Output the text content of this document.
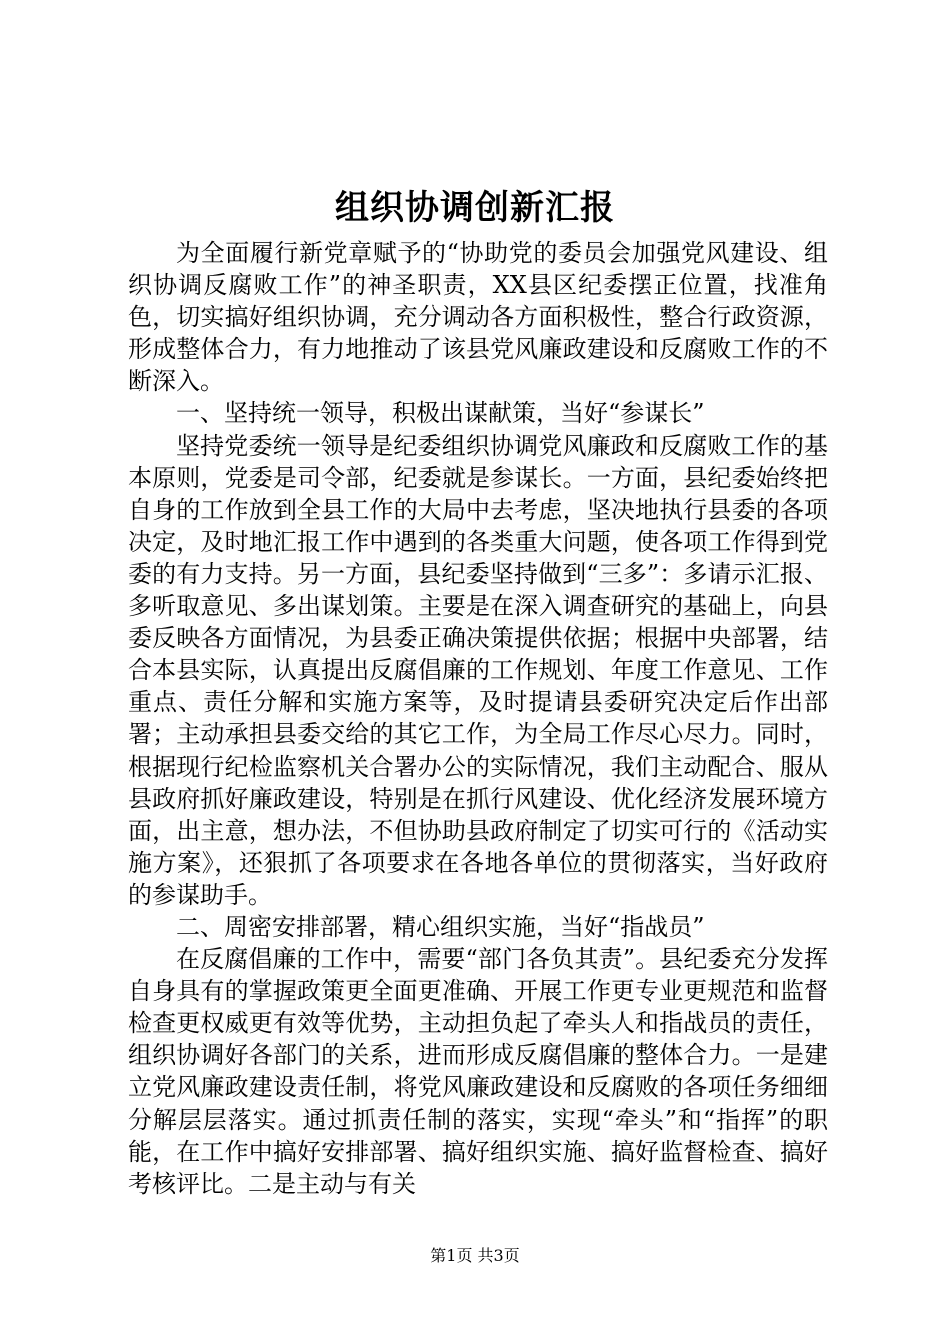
组织协调创新汇报

为全面履行新党章赋予的“协助党的委员会加强党风建设、组织协调反腐败工作”的神圣职责，XX县区纪委摆正位置，找准角色，切实搞好组织协调，充分调动各方面积极性，整合行政资源，形成整体合力，有力地推动了该县党风廉政建设和反腐败工作的不断深入。

一、坚持统一领导，积极出谋献策，当好“参谋长”

坚持党委统一领导是纪委组织协调党风廉政和反腐败工作的基本原则，党委是司令部，纪委就是参谋长。一方面，县纪委始终把自身的工作放到全县工作的大局中去考虑，坚决地执行县委的各项决定，及时地汇报工作中遇到的各类重大问题，使各项工作得到党委的有力支持。另一方面，县纪委坚持做到“三多”：多请示汇报、多听取意见、多出谋划策。主要是在深入调查研究的基础上，向县委反映各方面情况，为县委正确决策提供依据；根据中央部署，结合本县实际，认真提出反腐倡廉的工作规划、年度工作意见、工作重点、责任分解和实施方案等，及时提请县委研究决定后作出部署；主动承担县委交给的其它工作，为全局工作尽心尽力。同时，根据现行纪检监察机关合署办公的实际情况，我们主动配合、服从县政府抓好廉政建设，特别是在抓行风建设、优化经济发展环境方面，出主意，想办法，不但协助县政府制定了切实可行的《活动实施方案》，还狠抓了各项要求在各地各单位的贯彻落实，当好政府的参谋助手。

二、周密安排部署，精心组织实施，当好“指战员”

在反腐倡廉的工作中，需要“部门各负其责”。县纪委充分发挥自身具有的掌握政策更全面更准确、开展工作更专业更规范和监督检查更权威更有效等优势，主动担负起了牵头人和指战员的责任，组织协调好各部门的关系，进而形成反腐倡廉的整体合力。一是建立党风廉政建设责任制，将党风廉政建设和反腐败的各项任务细细分解层层落实。通过抓责任制的落实，实现“牵头”和“指挥”的职能，在工作中搞好安排部署、搞好组织实施、搞好监督检查、搞好考核评比。二是主动与有关

第1页 共3页
